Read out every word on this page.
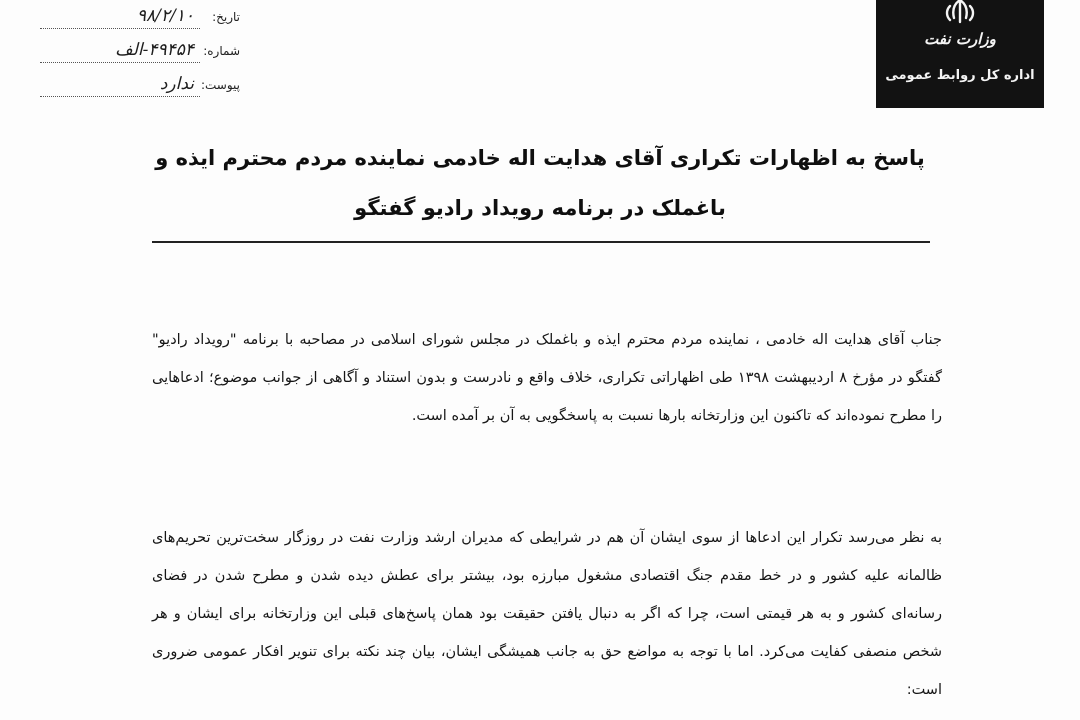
وزارت نفت
اداره کل روابط عمومی
تاریخ:
۹۸/۲/۱۰
شماره:
۴۹۴۵۴-الف
پیوست:
ندارد
پاسخ به اظهارات تکراری آقای هدایت اله خادمی نماینده مردم محترم ایذه و
باغملک در برنامه رویداد رادیو گفتگو

جناب آقای هدایت اله خادمی ، نماینده مردم محترم ایذه و باغملک در مجلس شورای اسلامی در مصاحبه با برنامه "رویداد رادیو" گفتگو در مؤرخ ۸ اردیبهشت ۱۳۹۸ طی اظهاراتی تکراری، خلاف واقع و نادرست و بدون استناد و آگاهی از جوانب موضوع؛ ادعاهایی را مطرح نموده‌اند که تاکنون این وزارتخانه بارها نسبت به پاسخگویی به آن بر آمده است.

به نظر می‌رسد تکرار این ادعاها از سوی ایشان آن هم در شرایطی که مدیران ارشد وزارت نفت در روزگار سخت‌ترین تحریم‌های ظالمانه علیه کشور و در خط مقدم جنگ اقتصادی مشغول مبارزه بود، بیشتر برای عطش دیده شدن و مطرح شدن در فضای رسانه‌ای کشور و به هر قیمتی است، چرا که اگر به دنبال یافتن حقیقت بود همان پاسخ‌های قبلی این وزارتخانه برای ایشان و هر شخص منصفی کفایت می‌کرد. اما با توجه به مواضع حق به جانب همیشگی ایشان، بیان چند نکته برای تنویر افکار عمومی ضروری است:
